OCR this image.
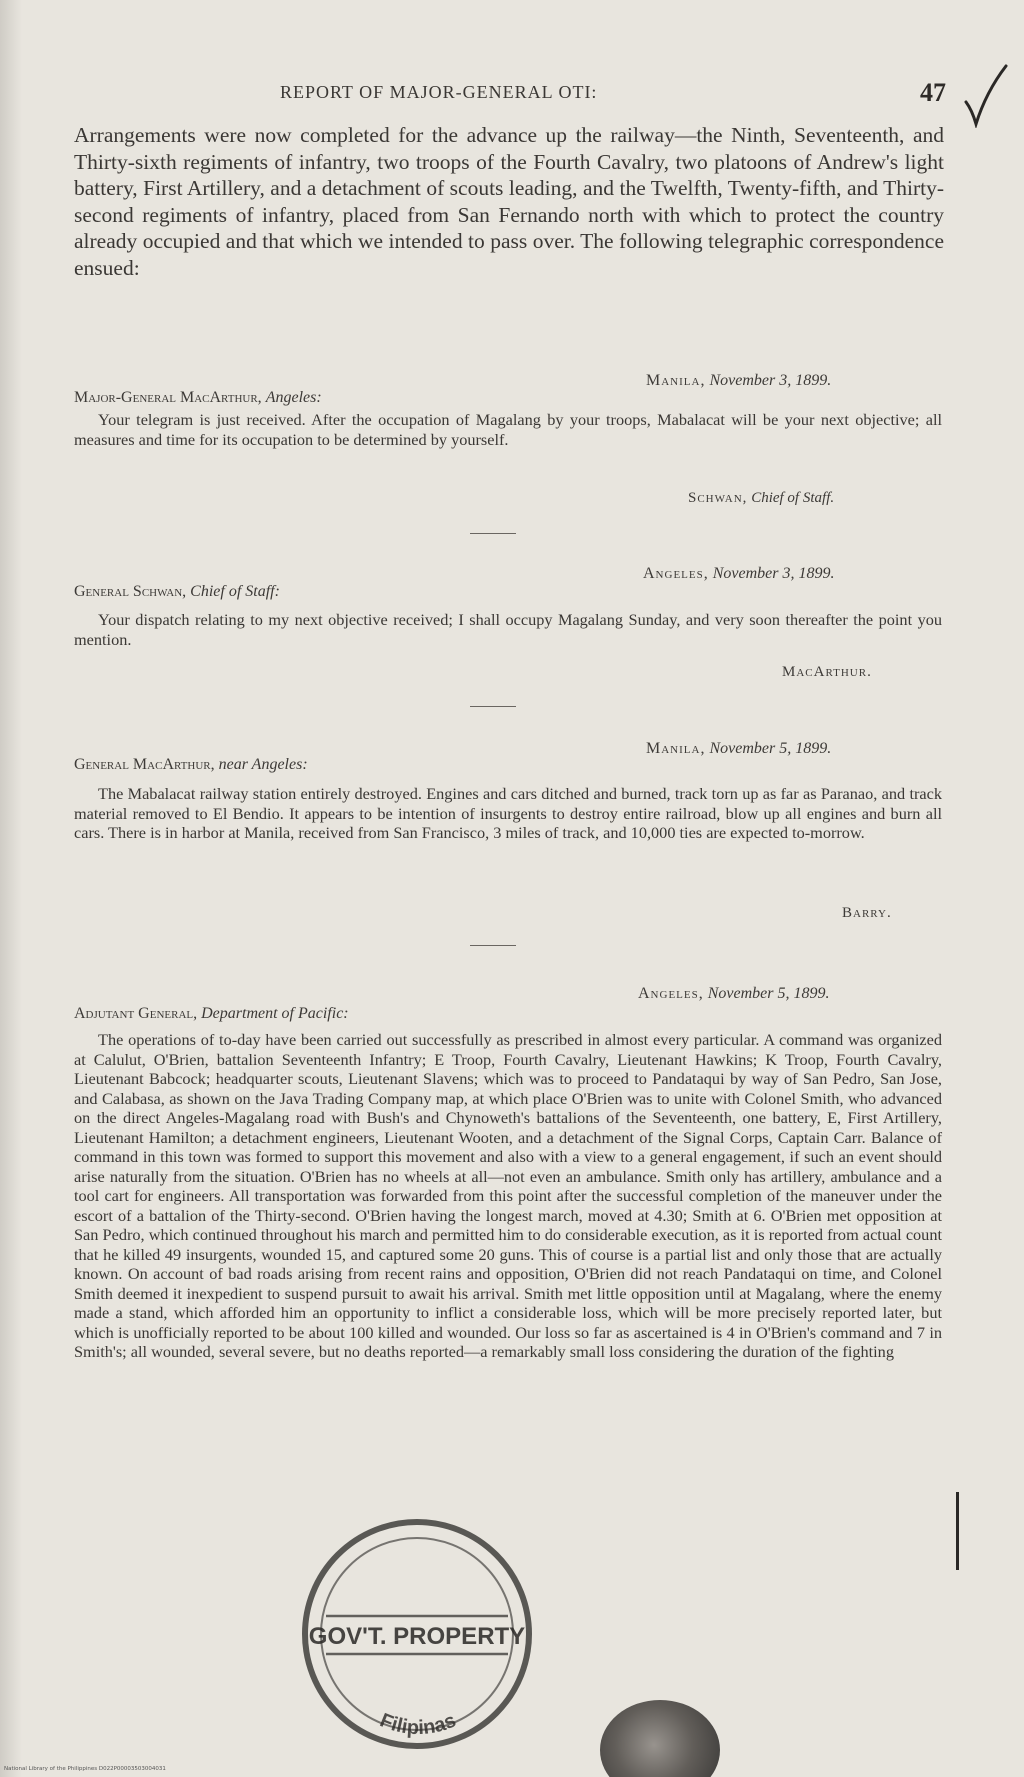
REPORT OF MAJOR-GENERAL OTI:	47

Arrangements were now completed for the advance up the railway—the Ninth, Seventeenth, and Thirty-sixth regiments of infantry, two troops of the Fourth Cavalry, two platoons of Andrew's light battery, First Artillery, and a detachment of scouts leading, and the Twelfth, Twenty-fifth, and Thirty-second regiments of infantry, placed from San Fernando north with which to protect the country already occupied and that which we intended to pass over. The following telegraphic correspondence ensued:

Manila, November 3, 1899.
Major-General MacArthur, Angeles:

Your telegram is just received. After the occupation of Magalang by your troops, Mabalacat will be your next objective; all measures and time for its occupation to be determined by yourself.

Schwan, Chief of Staff.
Angeles, November 3, 1899.
General Schwan, Chief of Staff:

Your dispatch relating to my next objective received; I shall occupy Magalang Sunday, and very soon thereafter the point you mention.

MacArthur.
Manila, November 5, 1899.
General MacArthur, near Angeles:

The Mabalacat railway station entirely destroyed. Engines and cars ditched and burned, track torn up as far as Paranao, and track material removed to El Bendio. It appears to be intention of insurgents to destroy entire railroad, blow up all engines and burn all cars. There is in harbor at Manila, received from San Francisco, 3 miles of track, and 10,000 ties are expected to-morrow.

Barry.
Angeles, November 5, 1899.
Adjutant General, Department of Pacific:

The operations of to-day have been carried out successfully as prescribed in almost every particular. A command was organized at Calulut, O'Brien, battalion Seventeenth Infantry; E Troop, Fourth Cavalry, Lieutenant Hawkins; K Troop, Fourth Cavalry, Lieutenant Babcock; headquarter scouts, Lieutenant Slavens; which was to proceed to Pandataqui by way of San Pedro, San Jose, and Calabasa, as shown on the Java Trading Company map, at which place O'Brien was to unite with Colonel Smith, who advanced on the direct Angeles-Magalang road with Bush's and Chynoweth's battalions of the Seventeenth, one battery, E, First Artillery, Lieutenant Hamilton; a detachment engineers, Lieutenant Wooten, and a detachment of the Signal Corps, Captain Carr. Balance of command in this town was formed to support this movement and also with a view to a general engagement, if such an event should arise naturally from the situation. O'Brien has no wheels at all—not even an ambulance. Smith only has artillery, ambulance and a tool cart for engineers. All transportation was forwarded from this point after the successful completion of the maneuver under the escort of a battalion of the Thirty-second. O'Brien having the longest march, moved at 4.30; Smith at 6. O'Brien met opposition at San Pedro, which continued throughout his march and permitted him to do considerable execution, as it is reported from actual count that he killed 49 insurgents, wounded 15, and captured some 20 guns. This of course is a partial list and only those that are actually known. On account of bad roads arising from recent rains and opposition, O'Brien did not reach Pandataqui on time, and Colonel Smith deemed it inexpedient to suspend pursuit to await his arrival. Smith met little opposition until at Magalang, where the enemy made a stand, which afforded him an opportunity to inflict a considerable loss, which will be more precisely reported later, but which is unofficially reported to be about 100 killed and wounded. Our loss so far as ascertained is 4 in O'Brien's command and 7 in Smith's; all wounded, several severe, but no deaths reported—a remarkably small loss considering the duration of the fighting

GOV'T. PROPERTY
Filipinas
National Library of the Philippines D022P00003503004031
